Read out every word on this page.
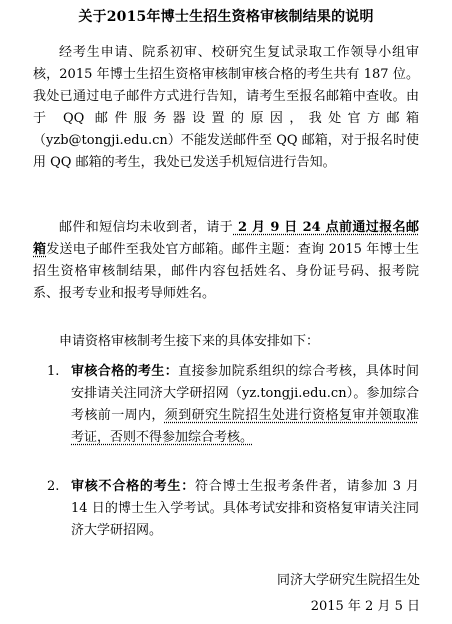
关于2015年博士生招生资格审核制结果的说明

经考生申请、院系初审、校研究生复试录取工作领导小组审核，2015 年博士生招生资格审核制审核合格的考生共有 187 位。我处已通过电子邮件方式进行告知，请考生至报名邮箱中查收。由于 QQ 邮件服务器设置的原因，我处官方邮箱（yzb@tongji.edu.cn）不能发送邮件至 QQ 邮箱，对于报名时使用 QQ 邮箱的考生，我处已发送手机短信进行告知。

邮件和短信均未收到者，请于 2 月 9 日 24 点前通过报名邮箱发送电子邮件至我处官方邮箱。邮件主题：查询 2015 年博士生招生资格审核制结果，邮件内容包括姓名、身份证号码、报考院系、报考专业和报考导师姓名。

申请资格审核制考生接下来的具体安排如下：

1. 审核合格的考生：直接参加院系组织的综合考核，具体时间安排请关注同济大学研招网（yz.tongji.edu.cn）。参加综合考核前一周内，须到研究生院招生处进行资格复审并领取准考证，否则不得参加综合考核。
2. 审核不合格的考生：符合博士生报考条件者，请参加 3 月 14 日的博士生入学考试。具体考试安排和资格复审请关注同济大学研招网。
同济大学研究生院招生处
2015 年 2 月 5 日
